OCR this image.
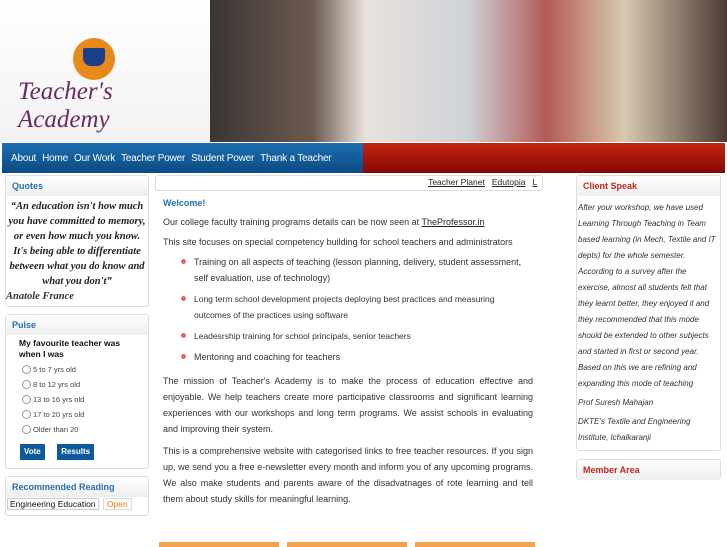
Teacher's Academy
About Home Our Work Teacher Power Student Power Thank a Teacher
Quotes
“An education isn't how much you have committed to memory, or even how much you know. It's being able to differentiate between what you do know and what you don't”
Anatole France
Pulse
My favourite teacher was when I was
5 to 7 yrs old
8 to 12 yrs old
13 to 16 yrs old
17 to 20 yrs old
Older than 20
Vote	Results
Recommended Reading
Engineering Education Open
Teacher Planet Edutopia L
Welcome!

Our college faculty training programs details can be now seen at TheProfessor.in

This site focuses on special competency building for school teachers and administrators

Training on all aspects of teaching (lesson planning, delivery, student assessment, self evaluation, use of technology)
Long term school development projects deploying best practices and measuring outcomes of the practices using software
Leadesrship training for school principals, senior teachers
Mentoring and coaching for teachers

The mission of Teacher's Academy is to make the process of education effective and enjoyable. We help teachers create more participative classrooms and significant learning experiences with our workshops and long term programs. We assist schools in evaluating and improving their system.

This is a comprehensive website with categorised links to free teacher resources. If you sign up, we send you a free e-newsletter every month and inform you of any upcoming programs. We also make students and parents aware of the disadvatnages of rote learning and tell them about study skills for meaningful learning.

Client Speak
After your workshop, we have used Learning Through Teaching in Team based learning (in Mech, Textile and IT depts) for the whole semester. According to a survey after the exercise, almost all students felt that they learnt better, they enjoyed it and they recommended that this mode should be extended to other subjects and started in first or second year. Based on this we are refining and expanding this mode of teaching
Prof Suresh Mahajan
DKTE's Textile and Engineering Institute, Ichalkaranji
Member Area
